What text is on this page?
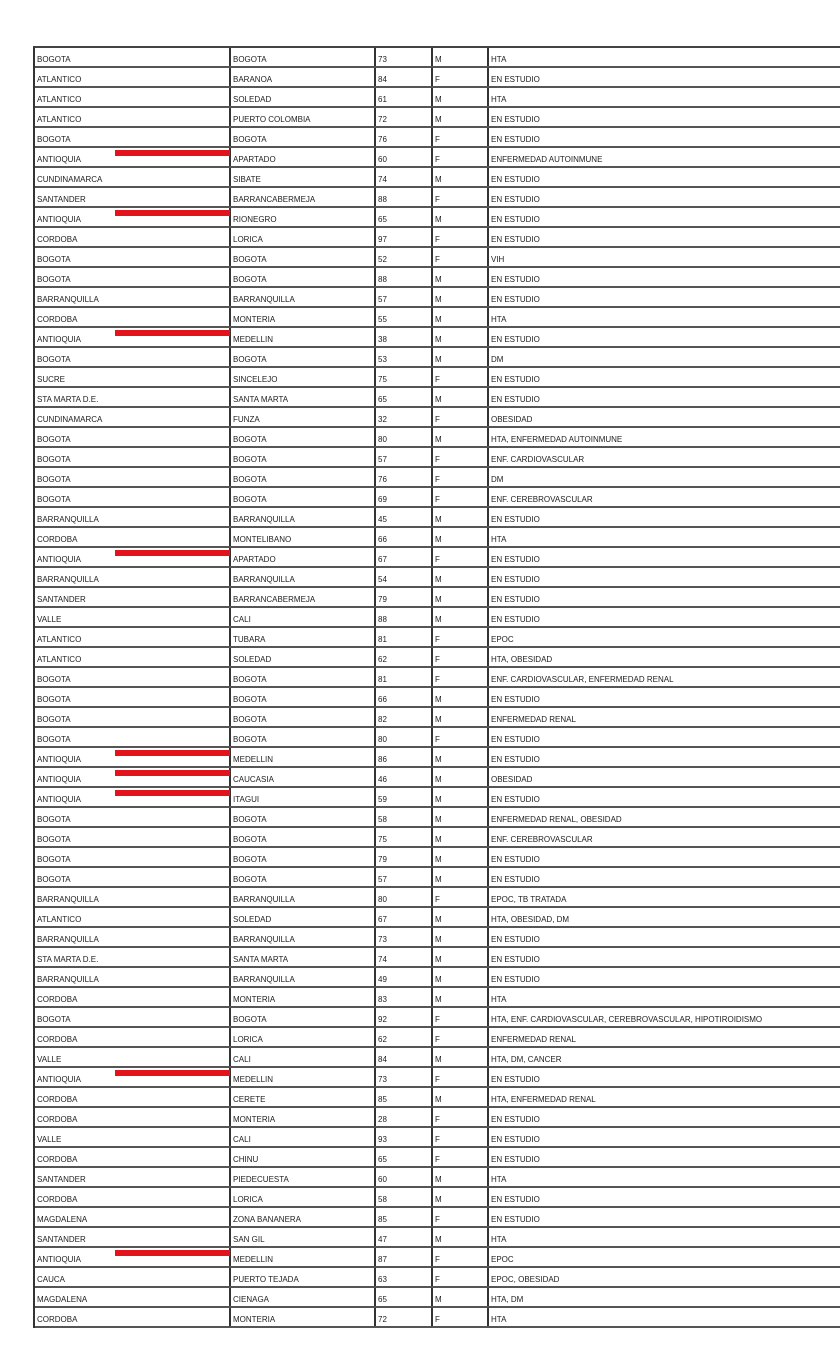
BOGOTA	BOGOTA	73	M	HTA
ATLANTICO	BARANOA	84	F	EN ESTUDIO
ATLANTICO	SOLEDAD	61	M	HTA
ATLANTICO	PUERTO COLOMBIA	72	M	EN ESTUDIO
BOGOTA	BOGOTA	76	F	EN ESTUDIO
ANTIOQUIA	APARTADO	60	F	ENFERMEDAD AUTOINMUNE
CUNDINAMARCA	SIBATE	74	M	EN ESTUDIO
SANTANDER	BARRANCABERMEJA	88	F	EN ESTUDIO
ANTIOQUIA	RIONEGRO	65	M	EN ESTUDIO
CORDOBA	LORICA	97	F	EN ESTUDIO
BOGOTA	BOGOTA	52	F	VIH
BOGOTA	BOGOTA	88	M	EN ESTUDIO
BARRANQUILLA	BARRANQUILLA	57	M	EN ESTUDIO
CORDOBA	MONTERIA	55	M	HTA
ANTIOQUIA	MEDELLIN	38	M	EN ESTUDIO
BOGOTA	BOGOTA	53	M	DM
SUCRE	SINCELEJO	75	F	EN ESTUDIO
STA MARTA D.E.	SANTA MARTA	65	M	EN ESTUDIO
CUNDINAMARCA	FUNZA	32	F	OBESIDAD
BOGOTA	BOGOTA	80	M	HTA, ENFERMEDAD AUTOINMUNE
BOGOTA	BOGOTA	57	F	ENF. CARDIOVASCULAR
BOGOTA	BOGOTA	76	F	DM
BOGOTA	BOGOTA	69	F	ENF. CEREBROVASCULAR
BARRANQUILLA	BARRANQUILLA	45	M	EN ESTUDIO
CORDOBA	MONTELIBANO	66	M	HTA
ANTIOQUIA	APARTADO	67	F	EN ESTUDIO
BARRANQUILLA	BARRANQUILLA	54	M	EN ESTUDIO
SANTANDER	BARRANCABERMEJA	79	M	EN ESTUDIO
VALLE	CALI	88	M	EN ESTUDIO
ATLANTICO	TUBARA	81	F	EPOC
ATLANTICO	SOLEDAD	62	F	HTA, OBESIDAD
BOGOTA	BOGOTA	81	F	ENF. CARDIOVASCULAR, ENFERMEDAD RENAL
BOGOTA	BOGOTA	66	M	EN ESTUDIO
BOGOTA	BOGOTA	82	M	ENFERMEDAD RENAL
BOGOTA	BOGOTA	80	F	EN ESTUDIO
ANTIOQUIA	MEDELLIN	86	M	EN ESTUDIO
ANTIOQUIA	CAUCASIA	46	M	OBESIDAD
ANTIOQUIA	ITAGUI	59	M	EN ESTUDIO
BOGOTA	BOGOTA	58	M	ENFERMEDAD RENAL, OBESIDAD
BOGOTA	BOGOTA	75	M	ENF. CEREBROVASCULAR
BOGOTA	BOGOTA	79	M	EN ESTUDIO
BOGOTA	BOGOTA	57	M	EN ESTUDIO
BARRANQUILLA	BARRANQUILLA	80	F	EPOC, TB TRATADA
ATLANTICO	SOLEDAD	67	M	HTA, OBESIDAD, DM
BARRANQUILLA	BARRANQUILLA	73	M	EN ESTUDIO
STA MARTA D.E.	SANTA MARTA	74	M	EN ESTUDIO
BARRANQUILLA	BARRANQUILLA	49	M	EN ESTUDIO
CORDOBA	MONTERIA	83	M	HTA
BOGOTA	BOGOTA	92	F	HTA, ENF. CARDIOVASCULAR, CEREBROVASCULAR, HIPOTIROIDISMO
CORDOBA	LORICA	62	F	ENFERMEDAD RENAL
VALLE	CALI	84	M	HTA, DM, CANCER
ANTIOQUIA	MEDELLIN	73	F	EN ESTUDIO
CORDOBA	CERETE	85	M	HTA, ENFERMEDAD RENAL
CORDOBA	MONTERIA	28	F	EN ESTUDIO
VALLE	CALI	93	F	EN ESTUDIO
CORDOBA	CHINU	65	F	EN ESTUDIO
SANTANDER	PIEDECUESTA	60	M	HTA
CORDOBA	LORICA	58	M	EN ESTUDIO
MAGDALENA	ZONA BANANERA	85	F	EN ESTUDIO
SANTANDER	SAN GIL	47	M	HTA
ANTIOQUIA	MEDELLIN	87	F	EPOC
CAUCA	PUERTO TEJADA	63	F	EPOC, OBESIDAD
MAGDALENA	CIENAGA	65	M	HTA, DM
CORDOBA	MONTERIA	72	F	HTA
